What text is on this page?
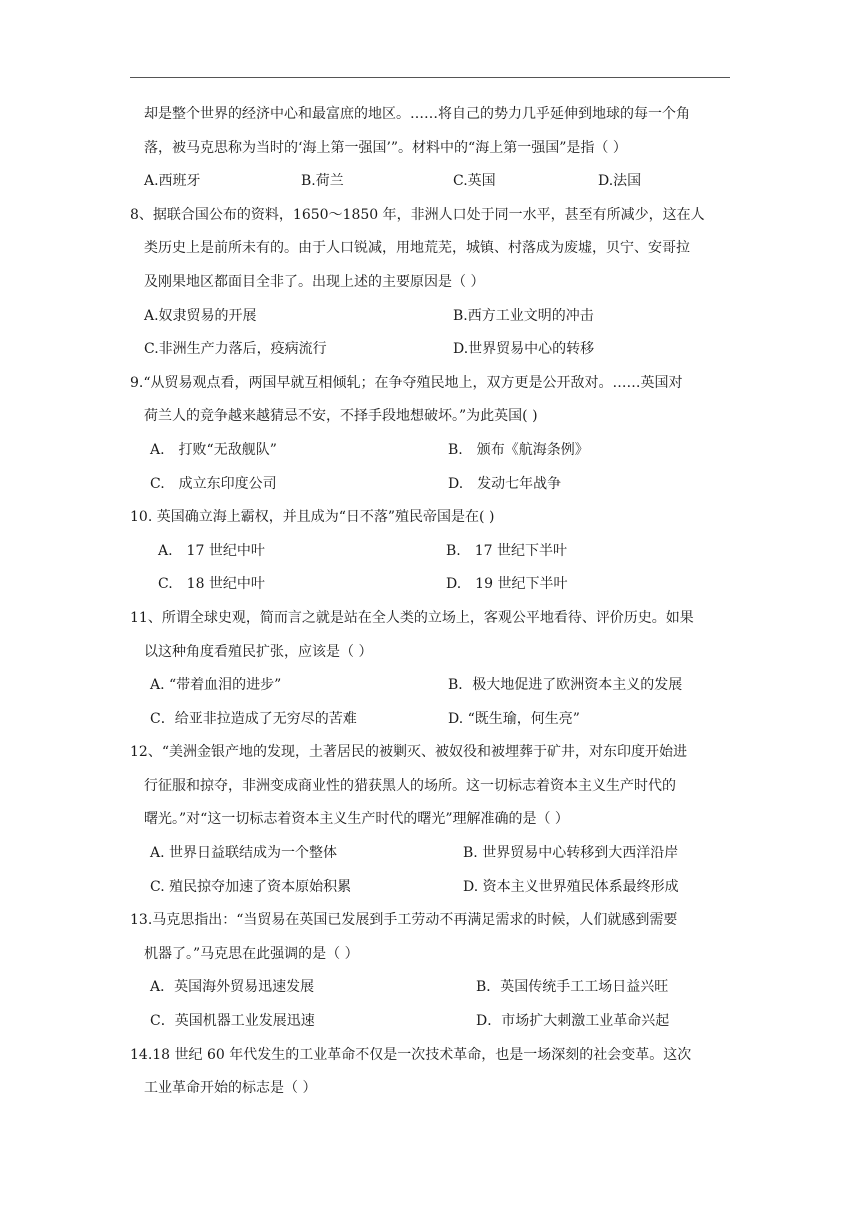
却是整个世界的经济中心和最富庶的地区。……将自己的势力几乎延伸到地球的每一个角
落，被马克思称为当时的‘海上第一强国’”。材料中的“海上第一强国”是指（ ）
A.西班牙	B.荷兰	C.英国	D.法国
8、据联合国公布的资料，1650～1850 年，非洲人口处于同一水平，甚至有所减少，这在人
类历史上是前所未有的。由于人口锐减，用地荒芜，城镇、村落成为废墟，贝宁、安哥拉
及刚果地区都面目全非了。出现上述的主要原因是（ ）
A.奴隶贸易的开展	B.西方工业文明的冲击
C.非洲生产力落后，疫病流行	D.世界贸易中心的转移
9.“从贸易观点看，两国早就互相倾轧；在争夺殖民地上，双方更是公开敌对。……英国对
荷兰人的竞争越来越猜忌不安，不择手段地想破坏。”为此英国( )
A.　打败“无敌舰队”	B.　颁布《航海条例》
C.　成立东印度公司	D.　发动七年战争
10. 英国确立海上霸权，并且成为“日不落”殖民帝国是在( )
A.　17 世纪中叶	B.　17 世纪下半叶
C.　18 世纪中叶	D.　19 世纪下半叶
11、所谓全球史观，简而言之就是站在全人类的立场上，客观公平地看待、评价历史。如果
以这种角度看殖民扩张，应该是（ ）
A. “带着血泪的进步”	B．极大地促进了欧洲资本主义的发展
C．给亚非拉造成了无穷尽的苦难	D. “既生瑜，何生亮”
12、“美洲金银产地的发现，土著居民的被剿灭、被奴役和被埋葬于矿井，对东印度开始进
行征服和掠夺，非洲变成商业性的猎获黑人的场所。这一切标志着资本主义生产时代的
曙光。”对“这一切标志着资本主义生产时代的曙光”理解准确的是（ ）
A. 世界日益联结成为一个整体	B. 世界贸易中心转移到大西洋沿岸
C. 殖民掠夺加速了资本原始积累	D. 资本主义世界殖民体系最终形成
13.马克思指出：“当贸易在英国已发展到手工劳动不再满足需求的时候，人们就感到需要
机器了。”马克思在此强调的是（ ）
A．英国海外贸易迅速发展	B．英国传统手工工场日益兴旺
C．英国机器工业发展迅速	D．市场扩大刺激工业革命兴起
14.18 世纪 60 年代发生的工业革命不仅是一次技术革命，也是一场深刻的社会变革。这次
工业革命开始的标志是（ ）
